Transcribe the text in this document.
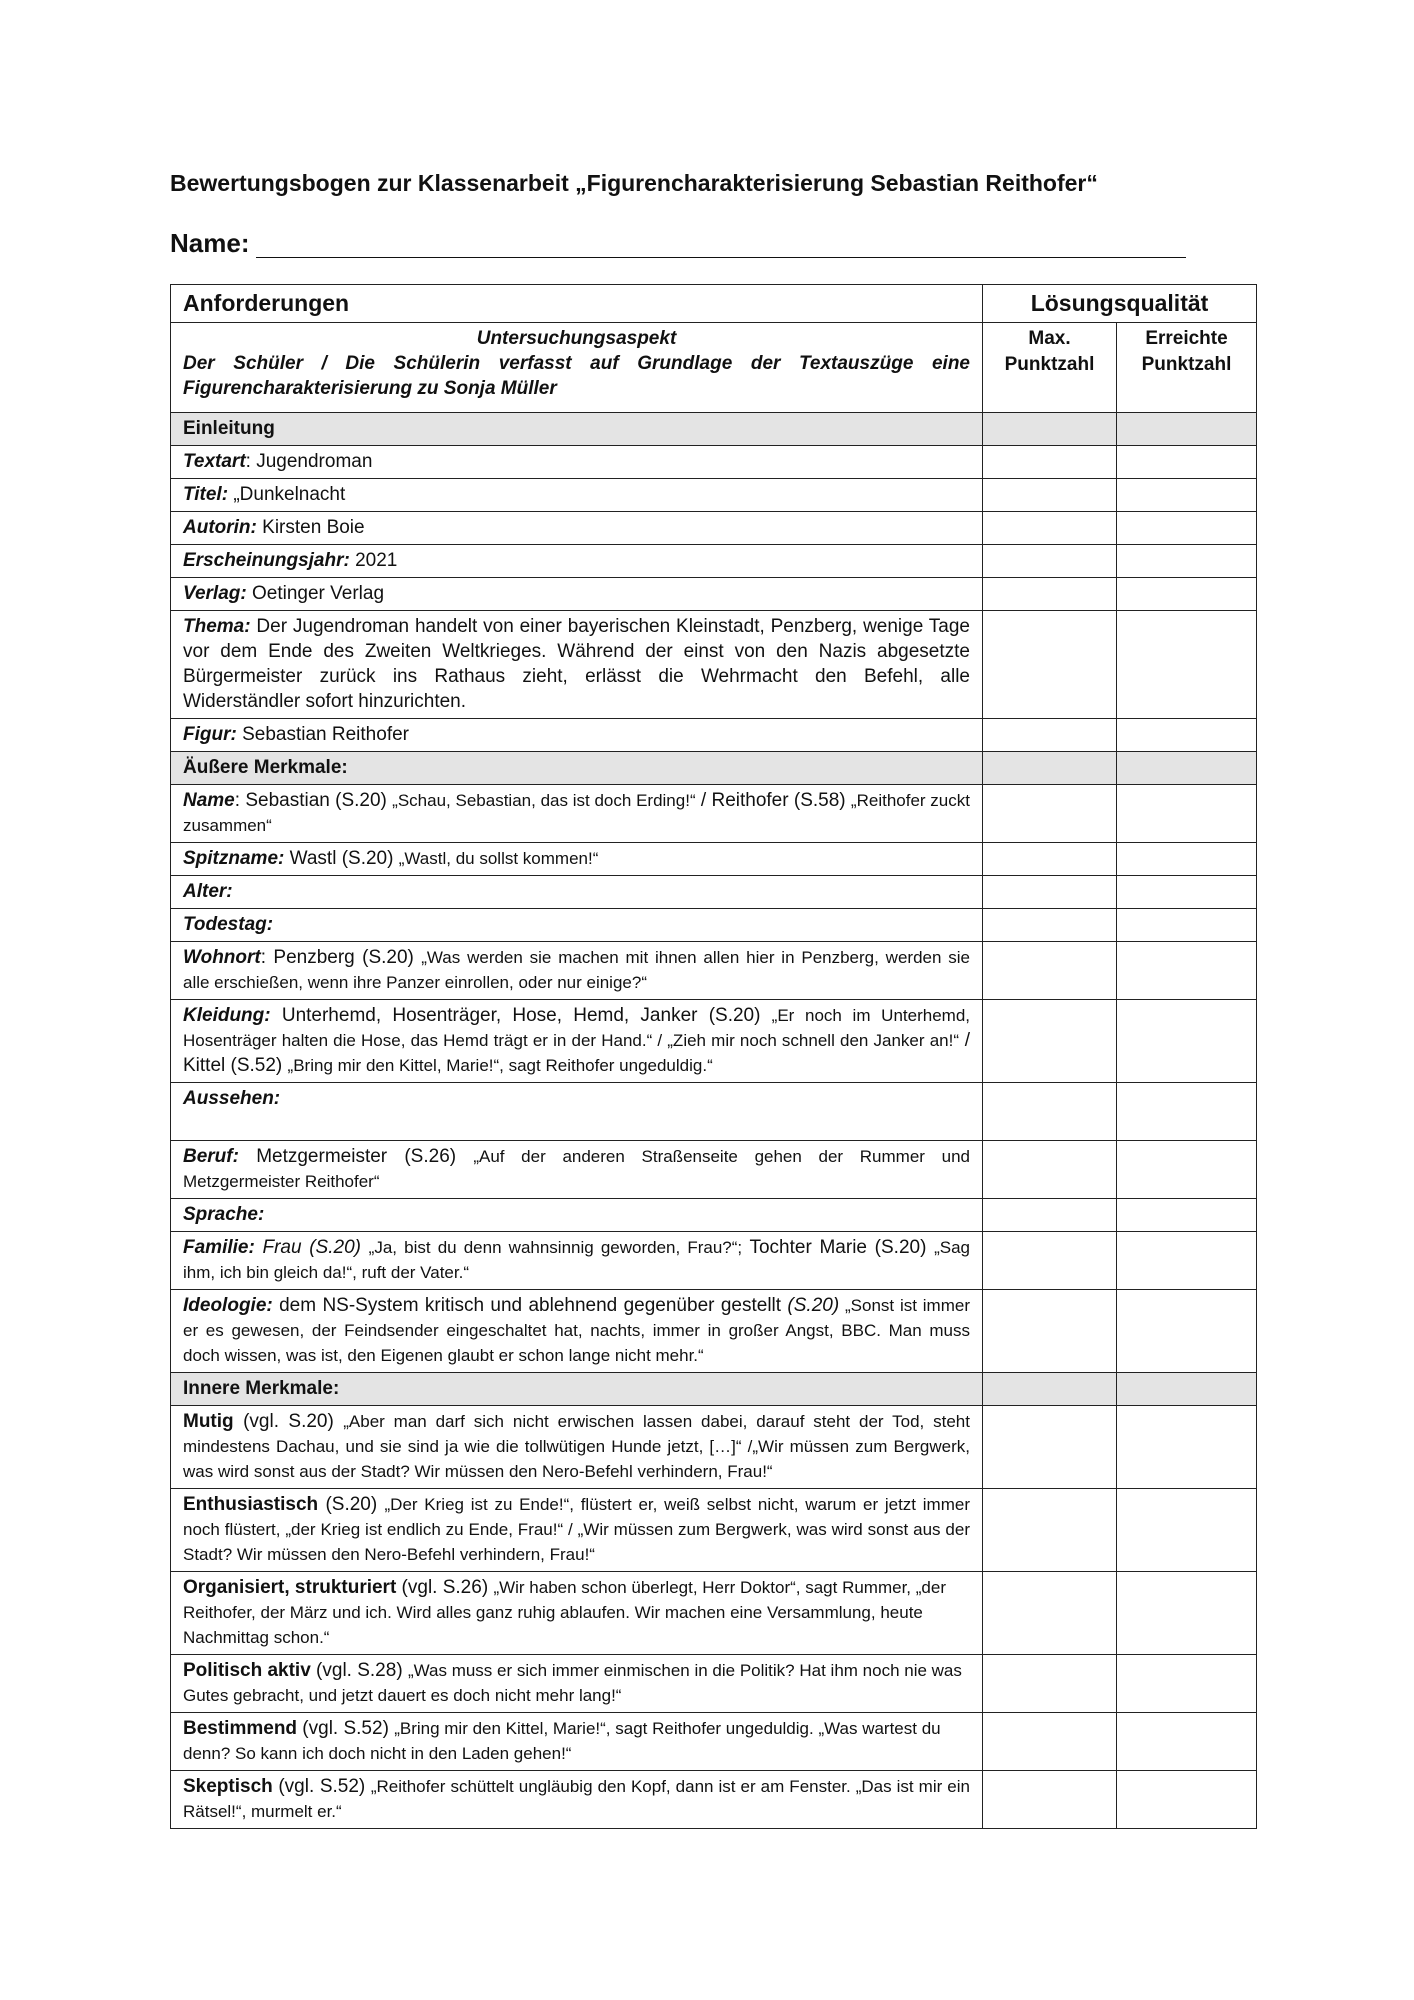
Bewertungsbogen zur Klassenarbeit „Figurencharakterisierung Sebastian Reithofer“
Name:
Anforderungen	Lösungsqualität	

Untersuchungsaspekt
Der Schüler / Die Schülerin verfasst auf Grundlage der Textauszüge eine Figurencharakterisierung zu Sonja Müller	Max. Punktzahl	Erreichte Punktzahl
Einleitung		
Textart: Jugendroman		
Titel: „Dunkelnacht		
Autorin: Kirsten Boie		
Erscheinungsjahr: 2021		
Verlag: Oetinger Verlag		
Thema: Der Jugendroman handelt von einer bayerischen Kleinstadt, Penzberg, wenige Tage vor dem Ende des Zweiten Weltkrieges. Während der einst von den Nazis abgesetzte Bürgermeister zurück ins Rathaus zieht, erlässt die Wehrmacht den Befehl, alle Widerständler sofort hinzurichten.		
Figur: Sebastian Reithofer		
Äußere Merkmale:		
Name: Sebastian (S.20) „Schau, Sebastian, das ist doch Erding!“ / Reithofer (S.58) „Reithofer zuckt zusammen“		
Spitzname: Wastl (S.20) „Wastl, du sollst kommen!“		
Alter:		
Todestag:		
Wohnort: Penzberg (S.20) „Was werden sie machen mit ihnen allen hier in Penzberg, werden sie alle erschießen, wenn ihre Panzer einrollen, oder nur einige?“		
Kleidung: Unterhemd, Hosenträger, Hose, Hemd, Janker (S.20) „Er noch im Unterhemd, Hosenträger halten die Hose, das Hemd trägt er in der Hand.“ / „Zieh mir noch schnell den Janker an!“ / Kittel (S.52) „Bring mir den Kittel, Marie!“, sagt Reithofer ungeduldig.“		
Aussehen:		
Beruf: Metzgermeister (S.26) „Auf der anderen Straßenseite gehen der Rummer und Metzgermeister Reithofer“		
Sprache:		
Familie: Frau (S.20) „Ja, bist du denn wahnsinnig geworden, Frau?“; Tochter Marie (S.20) „Sag ihm, ich bin gleich da!“, ruft der Vater.“		
Ideologie: dem NS-System kritisch und ablehnend gegenüber gestellt (S.20) „Sonst ist immer er es gewesen, der Feindsender eingeschaltet hat, nachts, immer in großer Angst, BBC. Man muss doch wissen, was ist, den Eigenen glaubt er schon lange nicht mehr.“		
Innere Merkmale:		
Mutig (vgl. S.20) „Aber man darf sich nicht erwischen lassen dabei, darauf steht der Tod, steht mindestens Dachau, und sie sind ja wie die tollwütigen Hunde jetzt, […]“ /„Wir müssen zum Bergwerk, was wird sonst aus der Stadt? Wir müssen den Nero-Befehl verhindern, Frau!“		
Enthusiastisch (S.20) „Der Krieg ist zu Ende!“, flüstert er, weiß selbst nicht, warum er jetzt immer noch flüstert, „der Krieg ist endlich zu Ende, Frau!“ / „Wir müssen zum Bergwerk, was wird sonst aus der Stadt? Wir müssen den Nero-Befehl verhindern, Frau!“		
Organisiert, strukturiert (vgl. S.26) „Wir haben schon überlegt, Herr Doktor“, sagt Rummer, „der Reithofer, der März und ich. Wird alles ganz ruhig ablaufen. Wir machen eine Versammlung, heute Nachmittag schon.“		
Politisch aktiv (vgl. S.28) „Was muss er sich immer einmischen in die Politik? Hat ihm noch nie was Gutes gebracht, und jetzt dauert es doch nicht mehr lang!“		
Bestimmend (vgl. S.52) „Bring mir den Kittel, Marie!“, sagt Reithofer ungeduldig. „Was wartest du denn? So kann ich doch nicht in den Laden gehen!“		
Skeptisch (vgl. S.52) „Reithofer schüttelt ungläubig den Kopf, dann ist er am Fenster. „Das ist mir ein Rätsel!“, murmelt er.“		
